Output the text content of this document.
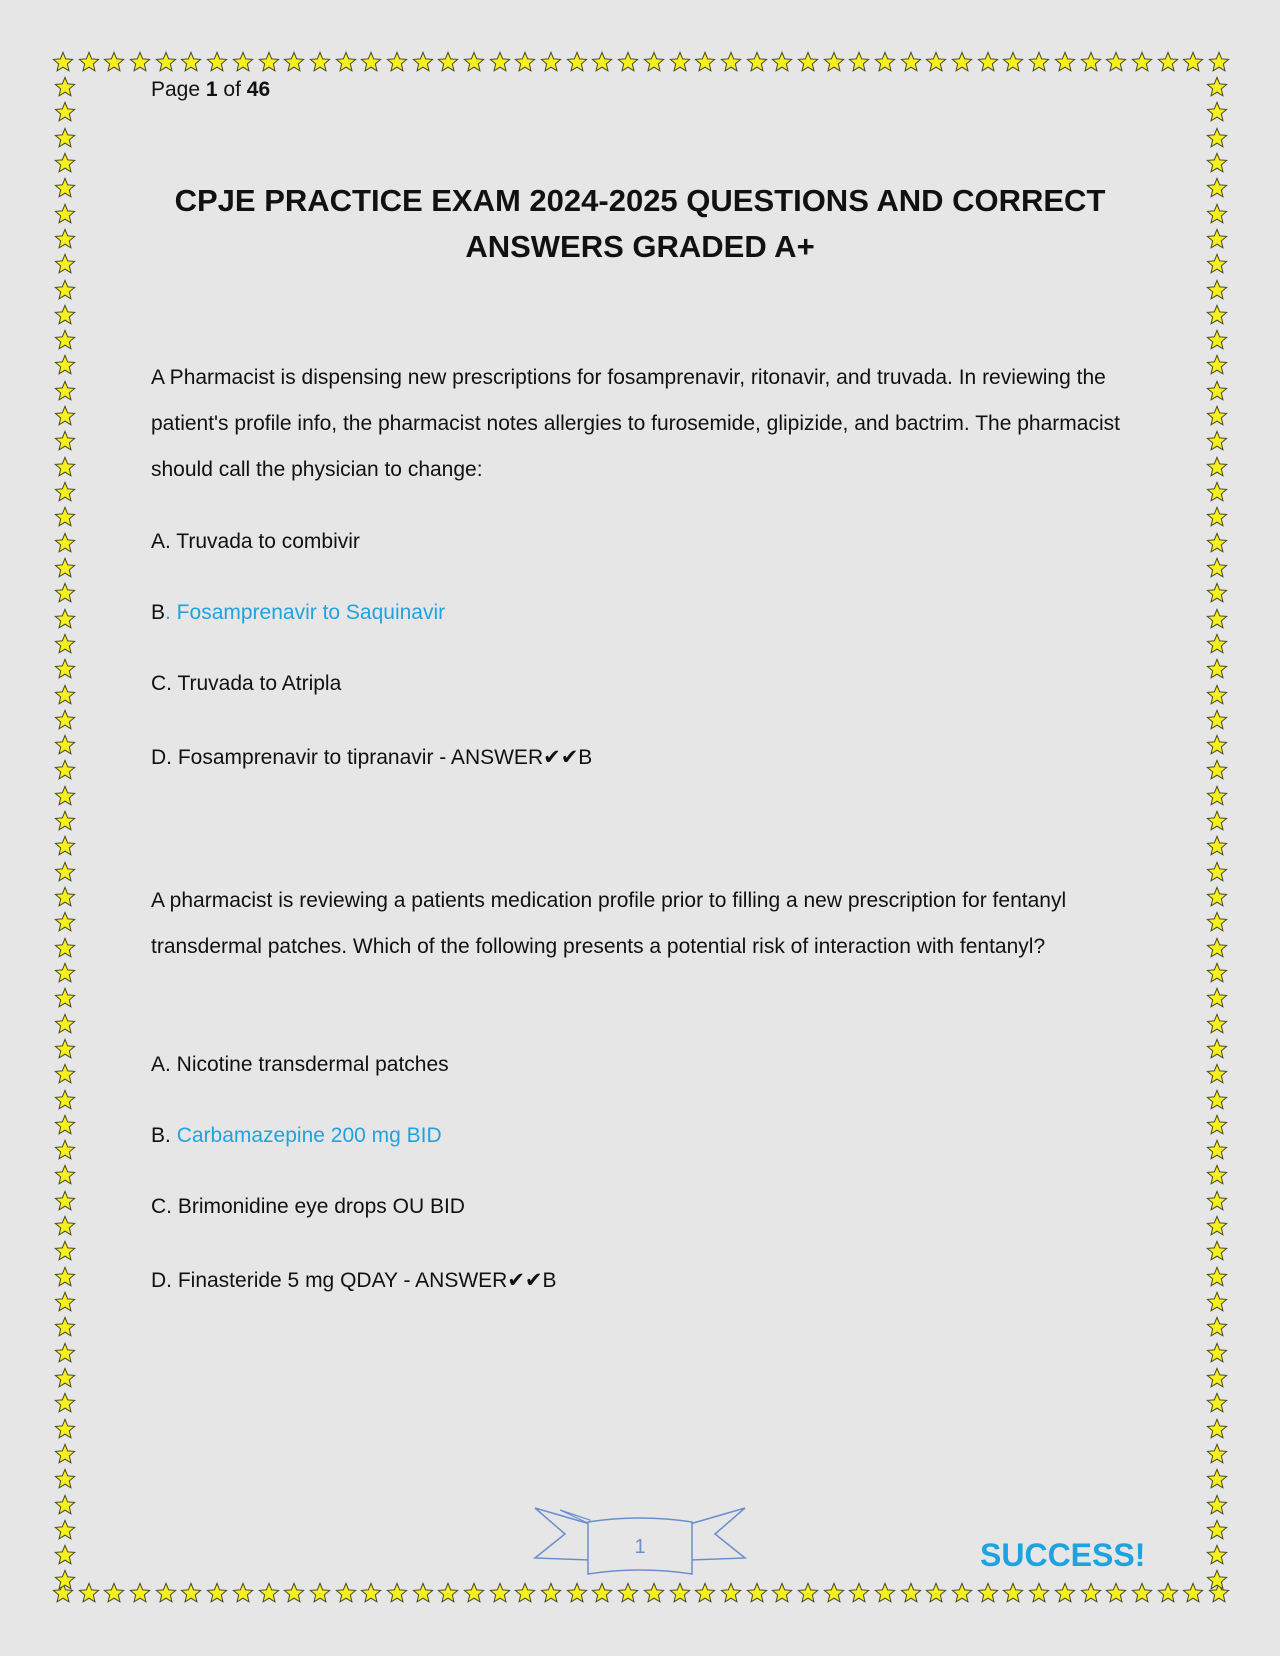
Page 1 of 46
CPJE PRACTICE EXAM 2024-2025 QUESTIONS AND CORRECT ANSWERS GRADED A+
A Pharmacist is dispensing new prescriptions for fosamprenavir, ritonavir, and truvada. In reviewing the patient's profile info, the pharmacist notes allergies to furosemide, glipizide, and bactrim. The pharmacist should call the physician to change:
A. Truvada to combivir
B. Fosamprenavir to Saquinavir
C. Truvada to Atripla
D. Fosamprenavir to tipranavir - ANSWER✔✔B
A pharmacist is reviewing a patients medication profile prior to filling a new prescription for fentanyl transdermal patches. Which of the following presents a potential risk of interaction with fentanyl?
A. Nicotine transdermal patches
B. Carbamazepine 200 mg BID
C. Brimonidine eye drops OU BID
D. Finasteride 5 mg QDAY - ANSWER✔✔B
1	SUCCESS!
